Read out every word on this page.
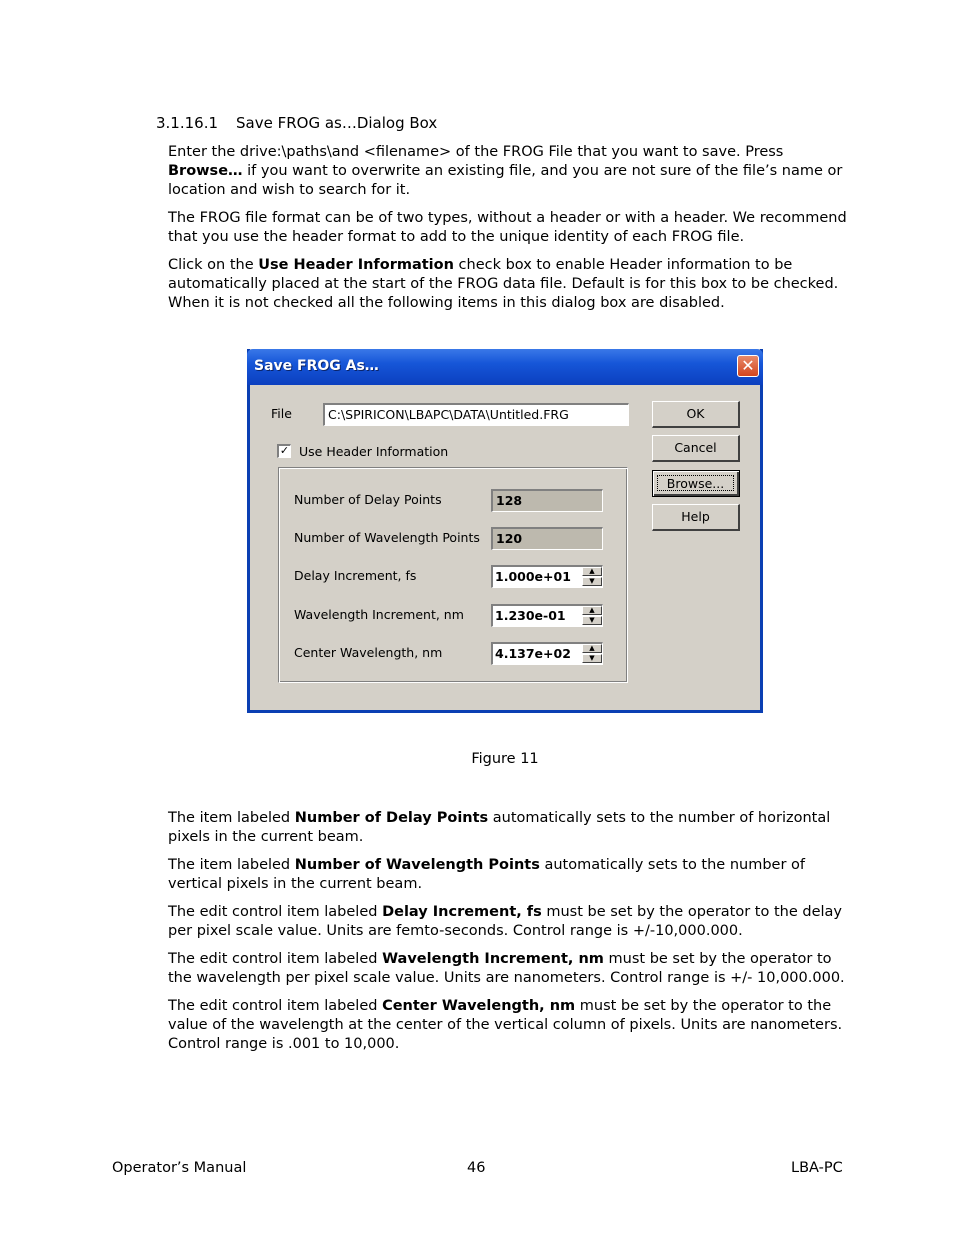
3.1.16.1 Save FROG as…Dialog Box
Enter the drive:\paths\and <filename> of the FROG File that you want to save. Press Browse… if you want to overwrite an existing file, and you are not sure of the file’s name or location and wish to search for it.
The FROG file format can be of two types, without a header or with a header. We recommend that you use the header format to add to the unique identity of each FROG file.
Click on the Use Header Information check box to enable Header information to be automatically placed at the start of the FROG data file. Default is for this box to be checked. When it is not checked all the following items in this dialog box are disabled.
Save FROG As…	✕
File	C:\SPIRICON\LBAPC\DATA\Untitled.FRG	OK
Cancel
Browse...
Help
✓ Use Header Information
Number of Delay Points	128
Number of Wavelength Points	120
Delay Increment, fs	1.000e+01	▲
▼
Wavelength Increment, nm 1.230e-01	▲
▼
Center Wavelength, nm	4.137e+02	▲
▼
Figure 11
The item labeled Number of Delay Points automatically sets to the number of horizontal pixels in the current beam.
The item labeled Number of Wavelength Points automatically sets to the number of vertical pixels in the current beam.
The edit control item labeled Delay Increment, fs must be set by the operator to the delay per pixel scale value. Units are femto-seconds. Control range is +/-10,000.000.
The edit control item labeled Wavelength Increment, nm must be set by the operator to the wavelength per pixel scale value. Units are nanometers. Control range is +/- 10,000.000.
The edit control item labeled Center Wavelength, nm must be set by the operator to the value of the wavelength at the center of the vertical column of pixels. Units are nanometers. Control range is .001 to 10,000.
Operator’s Manual	46	LBA-PC
